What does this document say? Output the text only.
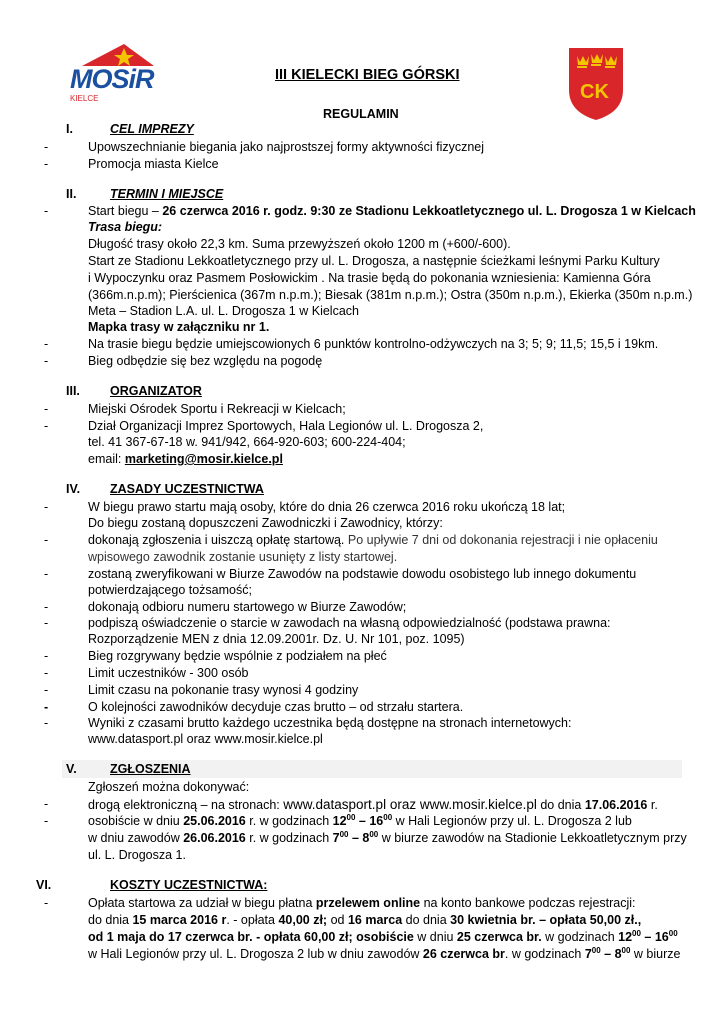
MOSiR
KIELCE	CK
III KIELECKI BIEG GÓRSKI
REGULAMIN
I.	CEL IMPREZY
-	Upowszechnianie biegania jako najprostszej formy aktywności fizycznej
-	Promocja miasta Kielce
II.	TERMIN I MIEJSCE
-	Start biegu – 26 czerwca 2016 r. godz. 9:30 ze Stadionu Lekkoatletycznego ul. L. Drogosza 1 w Kielcach
Trasa biegu:
Długość trasy około 22,3 km. Suma przewyższeń około 1200 m (+600/-600).
Start ze Stadionu Lekkoatletycznego przy ul. L. Drogosza, a następnie ścieżkami leśnymi Parku Kultury
i Wypoczynku oraz Pasmem Posłowickim . Na trasie będą do pokonania wzniesienia: Kamienna Góra
(366m.n.p.m); Pierścienica (367m n.p.m.); Biesak (381m n.p.m.); Ostra (350m n.p.m.), Ekierka (350m n.p.m.)
Meta – Stadion L.A. ul. L. Drogosza 1 w Kielcach
Mapka trasy w załączniku nr 1.
-	Na trasie biegu będzie umiejscowionych 6 punktów kontrolno-odżywczych na 3; 5; 9; 11,5; 15,5 i 19km.
-	Bieg odbędzie się bez względu na pogodę
III. ORGANIZATOR
-	Miejski Ośrodek Sportu i Rekreacji w Kielcach;
-	Dział Organizacji Imprez Sportowych, Hala Legionów ul. L. Drogosza 2,
tel. 41 367-67-18 w. 941/942, 664-920-603; 600-224-404;
email: marketing@mosir.kielce.pl
IV. ZASADY UCZESTNICTWA
-	W biegu prawo startu mają osoby, które do dnia 26 czerwca 2016 roku ukończą 18 lat;
Do biegu zostaną dopuszczeni Zawodniczki i Zawodnicy, którzy:
-	dokonają zgłoszenia i uiszczą opłatę startową. Po upływie 7 dni od dokonania rejestracji i nie opłaceniu
wpisowego zawodnik zostanie usunięty z listy startowej.
-	zostaną zweryfikowani w Biurze Zawodów na podstawie dowodu osobistego lub innego dokumentu
potwierdzającego tożsamość;
-	dokonają odbioru numeru startowego w Biurze Zawodów;
-	podpiszą oświadczenie o starcie w zawodach na własną odpowiedzialność (podstawa prawna:
Rozporządzenie MEN z dnia 12.09.2001r. Dz. U. Nr 101, poz. 1095)
-	Bieg rozgrywany będzie wspólnie z podziałem na płeć
-	Limit uczestników - 300 osób
-	Limit czasu na pokonanie trasy wynosi 4 godziny
-	O kolejności zawodników decyduje czas brutto – od strzału startera.
-	Wyniki z czasami brutto każdego uczestnika będą dostępne na stronach internetowych:
www.datasport.pl oraz www.mosir.kielce.pl
V.	ZGŁOSZENIA
Zgłoszeń można dokonywać:
-	drogą elektroniczną – na stronach: www.datasport.pl oraz www.mosir.kielce.pl do dnia 17.06.2016 r.
-	osobiście w dniu 25.06.2016 r. w godzinach $12^{00} - 16^{00}$ w Hali Legionów przy ul. L. Drogosza 2 lub
w dniu zawodów 26.06.2016 r. w godzinach $7^{00} - 8^{00}$ w biurze zawodów na Stadionie Lekkoatletycznym przy
ul. L. Drogosza 1.
VI.	KOSZTY UCZESTNICTWA:
-	Opłata startowa za udział w biegu płatna przelewem online na konto bankowe podczas rejestracji:
do dnia 15 marca 2016 r. - opłata 40,00 zł; od 16 marca do dnia 30 kwietnia br. – opłata 50,00 zł.,
od 1 maja do 17 czerwca br. - opłata 60,00 zł; osobiście w dniu 25 czerwca br. w godzinach $12^{00} - 16^{00}$
w Hali Legionów przy ul. L. Drogosza 2 lub w dniu zawodów 26 czerwca br. w godzinach $7^{00} - 8^{00}$ w biurze
